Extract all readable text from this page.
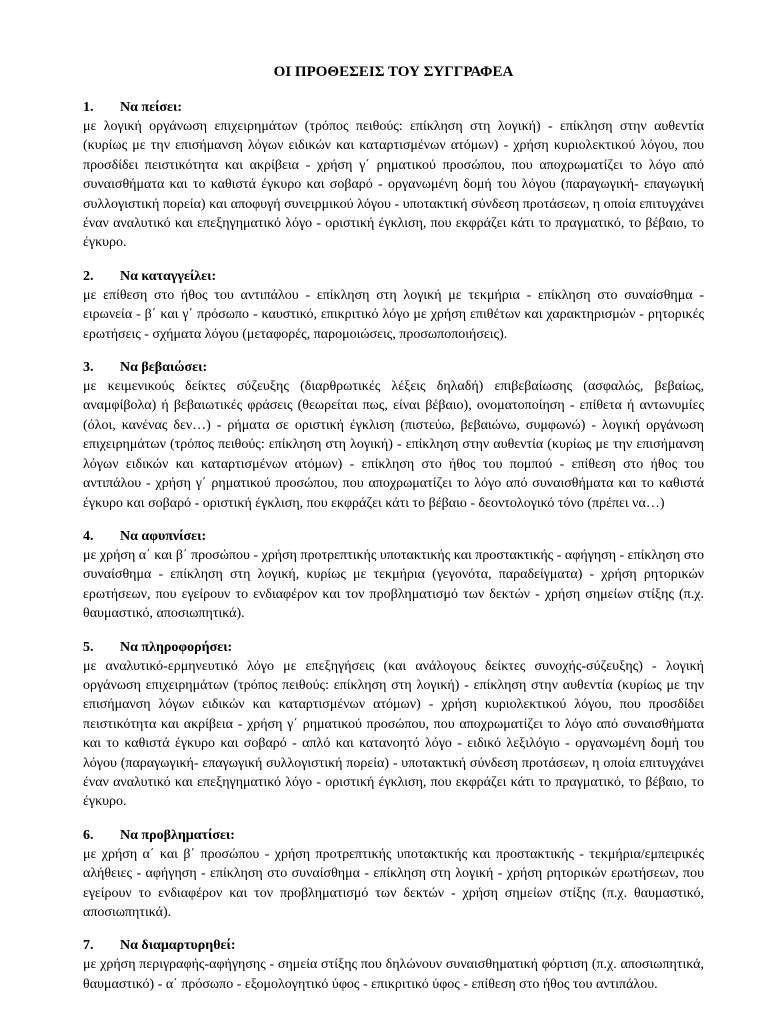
ΟΙ ΠΡΟΘΕΣΕΙΣ ΤΟΥ ΣΥΓΓΡΑΦΕΑ
1.	Να πείσει:

με λογική οργάνωση επιχειρημάτων (τρόπος πειθούς: επίκληση στη λογική) - επίκληση στην αυθεντία (κυρίως με την επισήμανση λόγων ειδικών και καταρτισμένων ατόμων) - χρήση κυριολεκτικού λόγου, που προσδίδει πειστικότητα και ακρίβεια - χρήση γ΄ ρηματικού προσώπου, που αποχρωματίζει το λόγο από συναισθήματα και το καθιστά έγκυρο και σοβαρό - οργανωμένη δομή του λόγου (παραγωγική- επαγωγική συλλογιστική πορεία) και αποφυγή συνειρμικού λόγου - υποτακτική σύνδεση προτάσεων, η οποία επιτυγχάνει έναν αναλυτικό και επεξηγηματικό λόγο - οριστική έγκλιση, που εκφράζει κάτι το πραγματικό, το βέβαιο, το έγκυρο.

2.	Να καταγγείλει:

με επίθεση στο ήθος του αντιπάλου - επίκληση στη λογική με τεκμήρια - επίκληση στο συναίσθημα - ειρωνεία - β΄ και γ΄ πρόσωπο - καυστικό, επικριτικό λόγο με χρήση επιθέτων και χαρακτηρισμών - ρητορικές ερωτήσεις - σχήματα λόγου (μεταφορές, παρομοιώσεις, προσωποποιήσεις).

3.	Να βεβαιώσει:

με κειμενικούς δείκτες σύζευξης (διαρθρωτικές λέξεις δηλαδή) επιβεβαίωσης (ασφαλώς, βεβαίως, αναμφίβολα) ή βεβαιωτικές φράσεις (θεωρείται πως, είναι βέβαιο), ονοματοποίηση - επίθετα ή αντωνυμίες (όλοι, κανένας δεν…) - ρήματα σε οριστική έγκλιση (πιστεύω, βεβαιώνω, συμφωνώ) - λογική οργάνωση επιχειρημάτων (τρόπος πειθούς: επίκληση στη λογική) - επίκληση στην αυθεντία (κυρίως με την επισήμανση λόγων ειδικών και καταρτισμένων ατόμων) - επίκληση στο ήθος του πομπού - επίθεση στο ήθος του αντιπάλου - χρήση γ΄ ρηματικού προσώπου, που αποχρωματίζει το λόγο από συναισθήματα και το καθιστά έγκυρο και σοβαρό - οριστική έγκλιση, που εκφράζει κάτι το βέβαιο - δεοντολογικό τόνο (πρέπει να…)

4.	Να αφυπνίσει:

με χρήση α΄ και β΄ προσώπου - χρήση προτρεπτικής υποτακτικής και προστακτικής - αφήγηση - επίκληση στο συναίσθημα - επίκληση στη λογική, κυρίως με τεκμήρια (γεγονότα, παραδείγματα) - χρήση ρητορικών ερωτήσεων, που εγείρουν το ενδιαφέρον και τον προβληματισμό των δεκτών - χρήση σημείων στίξης (π.χ. θαυμαστικό, αποσιωπητικά).

5.	Να πληροφορήσει:

με αναλυτικό-ερμηνευτικό λόγο με επεξηγήσεις (και ανάλογους δείκτες συνοχής-σύζευξης) - λογική οργάνωση επιχειρημάτων (τρόπος πειθούς: επίκληση στη λογική) - επίκληση στην αυθεντία (κυρίως με την επισήμανση λόγων ειδικών και καταρτισμένων ατόμων) - χρήση κυριολεκτικού λόγου, που προσδίδει πειστικότητα και ακρίβεια - χρήση γ΄ ρηματικού προσώπου, που αποχρωματίζει το λόγο από συναισθήματα και το καθιστά έγκυρο και σοβαρό - απλό και κατανοητό λόγο - ειδικό λεξιλόγιο - οργανωμένη δομή του λόγου (παραγωγική- επαγωγική συλλογιστική πορεία) - υποτακτική σύνδεση προτάσεων, η οποία επιτυγχάνει έναν αναλυτικό και επεξηγηματικό λόγο - οριστική έγκλιση, που εκφράζει κάτι το πραγματικό, το βέβαιο, το έγκυρο.

6.	Να προβληματίσει:

με χρήση α΄ και β΄ προσώπου - χρήση προτρεπτικής υποτακτικής και προστακτικής - τεκμήρια/εμπειρικές αλήθειες - αφήγηση - επίκληση στο συναίσθημα - επίκληση στη λογική - χρήση ρητορικών ερωτήσεων, που εγείρουν το ενδιαφέρον και τον προβληματισμό των δεκτών - χρήση σημείων στίξης (π.χ. θαυμαστικό, αποσιωπητικά).

7.	Να διαμαρτυρηθεί:

με χρήση περιγραφής-αφήγησης - σημεία στίξης που δηλώνουν συναισθηματική φόρτιση (π.χ. αποσιωπητικά, θαυμαστικό) - α΄ πρόσωπο - εξομολογητικό ύφος - επικριτικό ύφος - επίθεση στο ήθος του αντιπάλου.
